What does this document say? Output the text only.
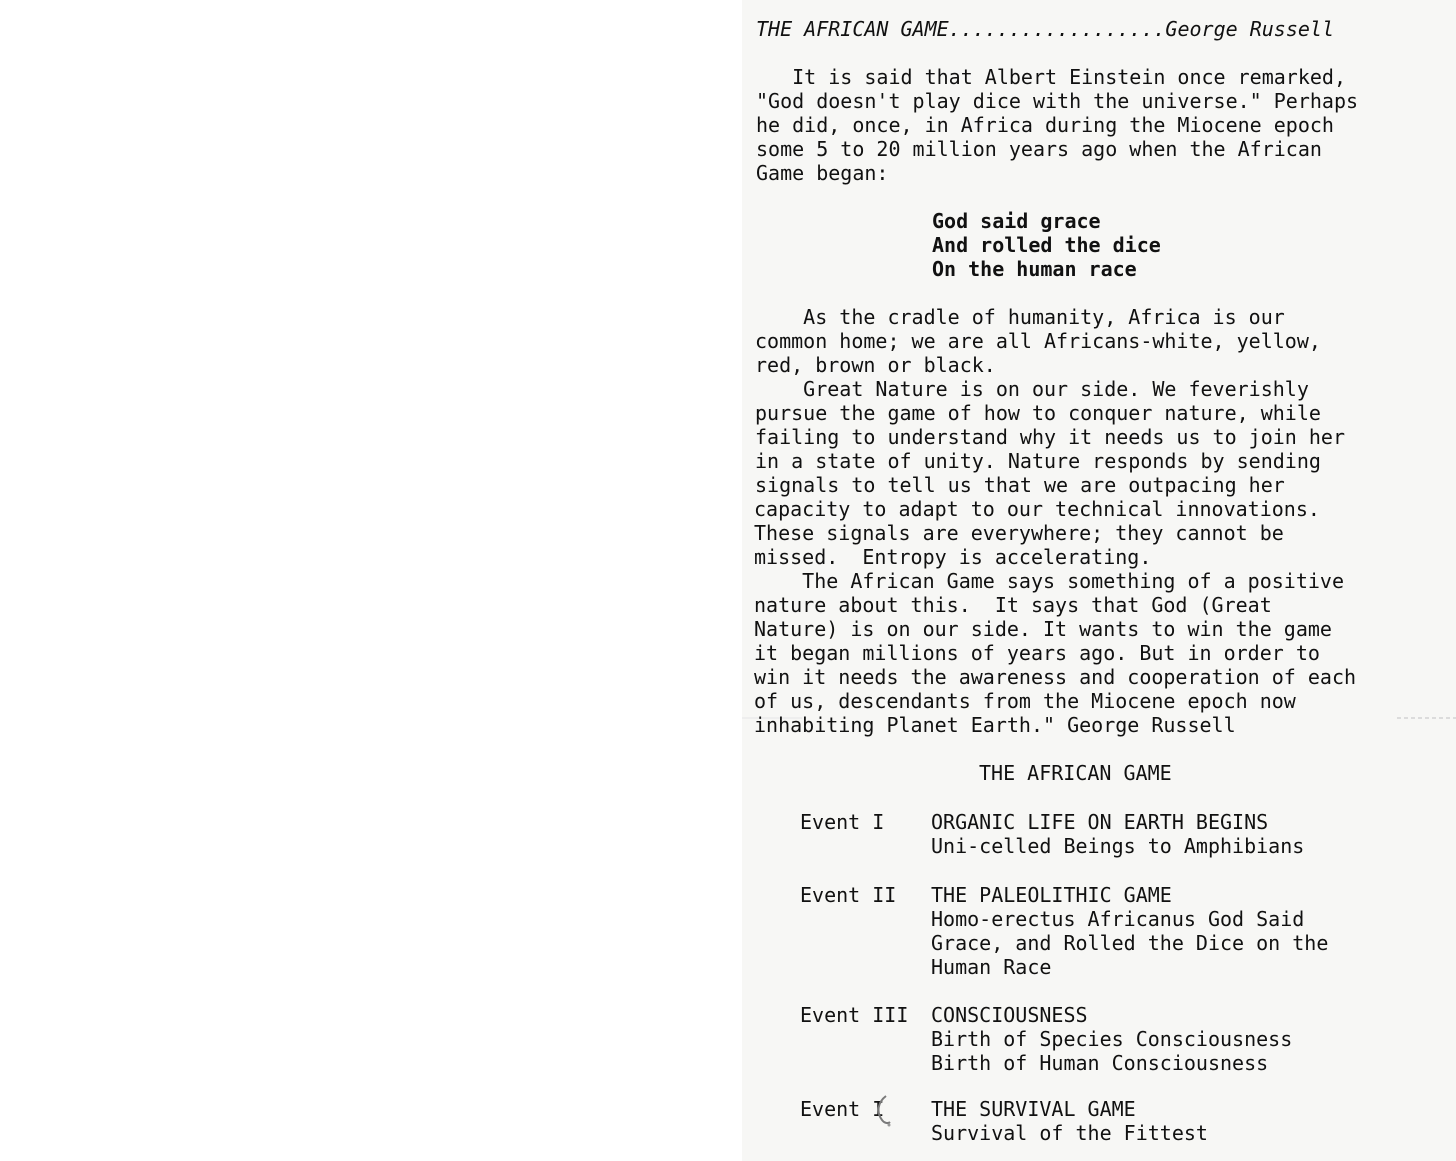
THE AFRICAN GAME..................George Russell
It is said that Albert Einstein once remarked,
"God doesn't play dice with the universe." Perhaps
he did, once, in Africa during the Miocene epoch
some 5 to 20 million years ago when the African
Game began:
God said grace
And rolled the dice
On the human race
As the cradle of humanity, Africa is our
common home; we are all Africans-white, yellow,
red, brown or black.
Great Nature is on our side. We feverishly
pursue the game of how to conquer nature, while
failing to understand why it needs us to join her
in a state of unity. Nature responds by sending
signals to tell us that we are outpacing her
capacity to adapt to our technical innovations.
These signals are everywhere; they cannot be
missed.  Entropy is accelerating.
The African Game says something of a positive
nature about this.  It says that God (Great
Nature) is on our side. It wants to win the game
it began millions of years ago. But in order to
win it needs the awareness and cooperation of each
of us, descendants from the Miocene epoch now
inhabiting Planet Earth." George Russell
THE AFRICAN GAME
Event I ORGANIC LIFE ON EARTH BEGINS
Uni-celled Beings to Amphibians
Event II THE PALEOLITHIC GAME
Homo-erectus Africanus God Said
Grace, and Rolled the Dice on the
Human Race
Event III CONSCIOUSNESS
Birth of Species Consciousness
Birth of Human Consciousness
Event I THE SURVIVAL GAME
Survival of the Fittest
